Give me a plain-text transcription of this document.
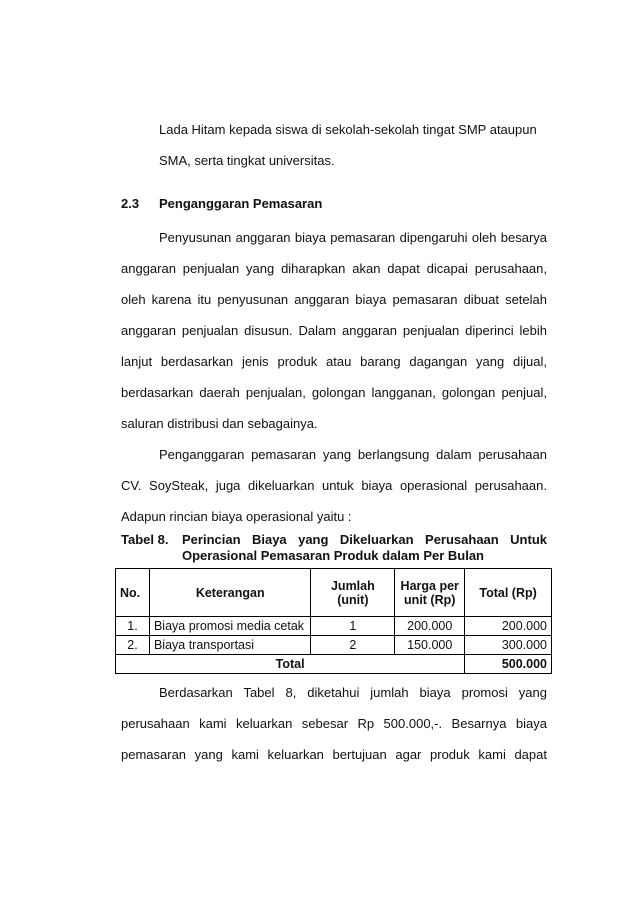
Lada Hitam kepada siswa di sekolah-sekolah tingat SMP ataupun
SMA, serta tingkat universitas.
2.3 Penganggaran Pemasaran
Penyusunan anggaran biaya pemasaran dipengaruhi oleh besarya
anggaran penjualan yang diharapkan akan dapat dicapai perusahaan,
oleh karena itu penyusunan anggaran biaya pemasaran dibuat setelah
anggaran penjualan disusun. Dalam anggaran penjualan diperinci lebih
lanjut berdasarkan jenis produk atau barang dagangan yang dijual,
berdasarkan daerah penjualan, golongan langganan, golongan penjual,
saluran distribusi dan sebagainya.
Penganggaran pemasaran yang berlangsung dalam perusahaan
CV. SoySteak, juga dikeluarkan untuk biaya operasional perusahaan.
Adapun rincian biaya operasional yaitu :
Tabel 8. Perincian Biaya yang Dikeluarkan Perusahaan Untuk
Operasional Pemasaran Produk dalam Per Bulan
No.	Keterangan	Jumlah (unit)	Harga per unit (Rp)	Total (Rp)
1.	Biaya promosi media cetak	1	200.000	200.000
2.	Biaya transportasi	2	150.000	300.000
Total				500.000
Berdasarkan Tabel 8, diketahui jumlah biaya promosi yang
perusahaan kami keluarkan sebesar Rp 500.000,-. Besarnya biaya
pemasaran yang kami keluarkan bertujuan agar produk kami dapat
